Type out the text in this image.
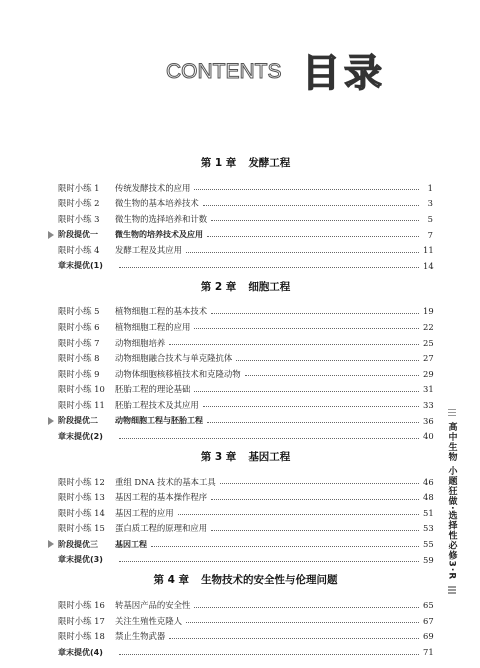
CONTENTS 目录
第 1 章 发酵工程
限时小练 1 传统发酵技术的应用	1
限时小练 2 微生物的基本培养技术	3
限时小练 3 微生物的选择培养和计数	5
阶段提优一 微生物的培养技术及应用	7
限时小练 4 发酵工程及其应用	11
章末提优(1)	14
第 2 章 细胞工程
限时小练 5 植物细胞工程的基本技术	19
限时小练 6 植物细胞工程的应用	22
限时小练 7 动物细胞培养	25
限时小练 8 动物细胞融合技术与单克隆抗体	27
限时小练 9 动物体细胞核移植技术和克隆动物	29
限时小练 10 胚胎工程的理论基础	31
限时小练 11 胚胎工程技术及其应用	33
阶段提优二 动物细胞工程与胚胎工程	36
章末提优(2)	40
第 3 章 基因工程
限时小练 12 重组 DNA 技术的基本工具	46
限时小练 13 基因工程的基本操作程序	48
限时小练 14 基因工程的应用	51
限时小练 15 蛋白质工程的原理和应用	53
阶段提优三 基因工程	55
章末提优(3)	59
第 4 章 生物技术的安全性与伦理问题
限时小练 16 转基因产品的安全性	65
限时小练 17 关注生殖性克隆人	67
限时小练 18 禁止生物武器	69
章末提优(4)	71
高中生物 小题狂做·选择性必修3·R
